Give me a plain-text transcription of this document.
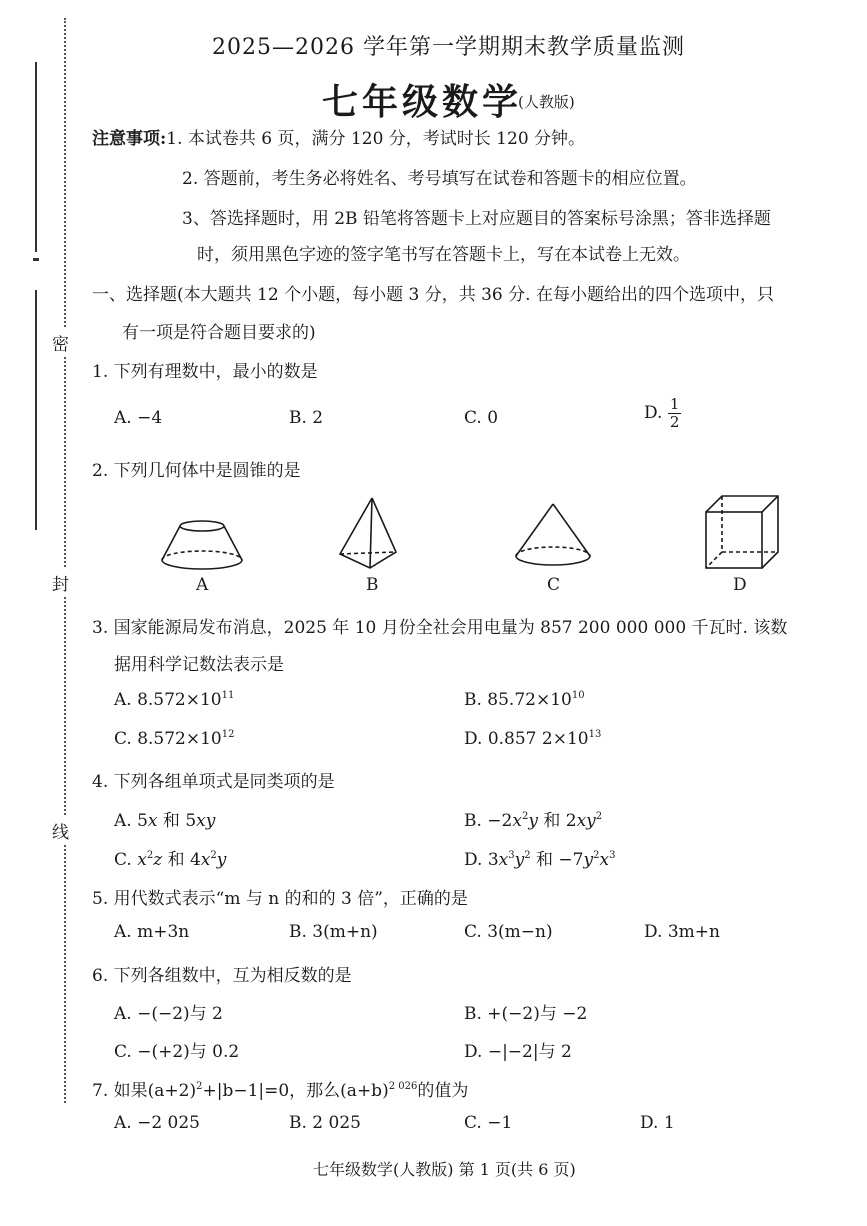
密
封
线
2025—2026 学年第一学期期末教学质量监测
七年级数学
(人教版)
注意事项:1. 本试卷共 6 页，满分 120 分，考试时长 120 分钟。
2. 答题前，考生务必将姓名、考号填写在试卷和答题卡的相应位置。
3、答选择题时，用 2B 铅笔将答题卡上对应题目的答案标号涂黑；答非选择题
时，须用黑色字迹的签字笔书写在答题卡上，写在本试卷上无效。
一、选择题(本大题共 12 个小题，每小题 3 分，共 36 分. 在每小题给出的四个选项中，只
有一项是符合题目要求的)
1. 下列有理数中，最小的数是
A. −4	B. 2	C. 0	D. $\frac{1}{2}$
2. 下列几何体中是圆锥的是
A	B	C	D
3. 国家能源局发布消息，2025 年 10 月份全社会用电量为 857 200 000 000 千瓦时. 该数
据用科学记数法表示是
A. $8.572\times 10^{11}$	B. $85.72\times 10^{10}$
C. $8.572\times 10^{12}$	D. 0.857 $2\times 10^{13}$
4. 下列各组单项式是同类项的是
A. 5x 和 5xy	B. $-2x^2y$ 和 $2xy^2$
C. $x^2z$ 和 $4x^2y$	D. $3x^3y^2$ 和 $-7y^2x^3$
5. 用代数式表示“m 与 n 的和的 3 倍”，正确的是
A. m+3n	B. 3(m+n)	C. 3(m−n)	D. 3m+n
6. 下列各组数中，互为相反数的是
A. −(−2)与 2	B. +(−2)与 −2
C. −(+2)与 0.2	D. −|−2|与 2
7. 如果$(a+2)^2+|b-1|=0$，那么$(a+b)^{2 026}$的值为
A. −2 025	B. 2 025	C. −1	D. 1
七年级数学(人教版) 第 1 页(共 6 页)
